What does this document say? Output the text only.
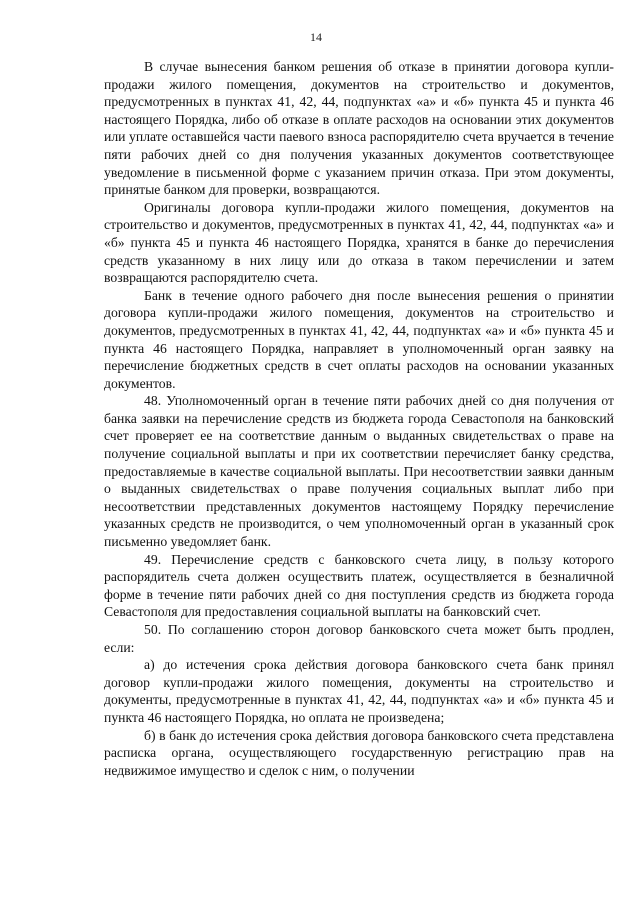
14

В случае вынесения банком решения об отказе в принятии договора купли-продажи жилого помещения, документов на строительство и документов, предусмотренных в пунктах 41, 42, 44, подпунктах «а» и «б» пункта 45 и пункта 46 настоящего Порядка, либо об отказе в оплате расходов на основании этих документов или уплате оставшейся части паевого взноса распорядителю счета вручается в течение пяти рабочих дней со дня получения указанных документов соответствующее уведомление в письменной форме с указанием причин отказа. При этом документы, принятые банком для проверки, возвращаются.

Оригиналы договора купли-продажи жилого помещения, документов на строительство и документов, предусмотренных в пунктах 41, 42, 44, подпунктах «а» и «б» пункта 45 и пункта 46 настоящего Порядка, хранятся в банке до перечисления средств указанному в них лицу или до отказа в таком перечислении и затем возвращаются распорядителю счета.

Банк в течение одного рабочего дня после вынесения решения о принятии договора купли-продажи жилого помещения, документов на строительство и документов, предусмотренных в пунктах 41, 42, 44, подпунктах «а» и «б» пункта 45 и пункта 46 настоящего Порядка, направляет в уполномоченный орган заявку на перечисление бюджетных средств в счет оплаты расходов на основании указанных документов.

48. Уполномоченный орган в течение пяти рабочих дней со дня получения от банка заявки на перечисление средств из бюджета города Севастополя на банковский счет проверяет ее на соответствие данным о выданных свидетельствах о праве на получение социальной выплаты и при их соответствии перечисляет банку средства, предоставляемые в качестве социальной выплаты. При несоответствии заявки данным о выданных свидетельствах о праве получения социальных выплат либо при несоответствии представленных документов настоящему Порядку перечисление указанных средств не производится, о чем уполномоченный орган в указанный срок письменно уведомляет банк.

49. Перечисление средств с банковского счета лицу, в пользу которого распорядитель счета должен осуществить платеж, осуществляется в безналичной форме в течение пяти рабочих дней со дня поступления средств из бюджета города Севастополя для предоставления социальной выплаты на банковский счет.

50. По соглашению сторон договор банковского счета может быть продлен, если:

а) до истечения срока действия договора банковского счета банк принял договор купли-продажи жилого помещения, документы на строительство и документы, предусмотренные в пунктах 41, 42, 44, подпунктах «а» и «б» пункта 45 и пункта 46 настоящего Порядка, но оплата не произведена;

б) в банк до истечения срока действия договора банковского счета представлена расписка органа, осуществляющего государственную регистрацию прав на недвижимое имущество и сделок с ним, о получении
